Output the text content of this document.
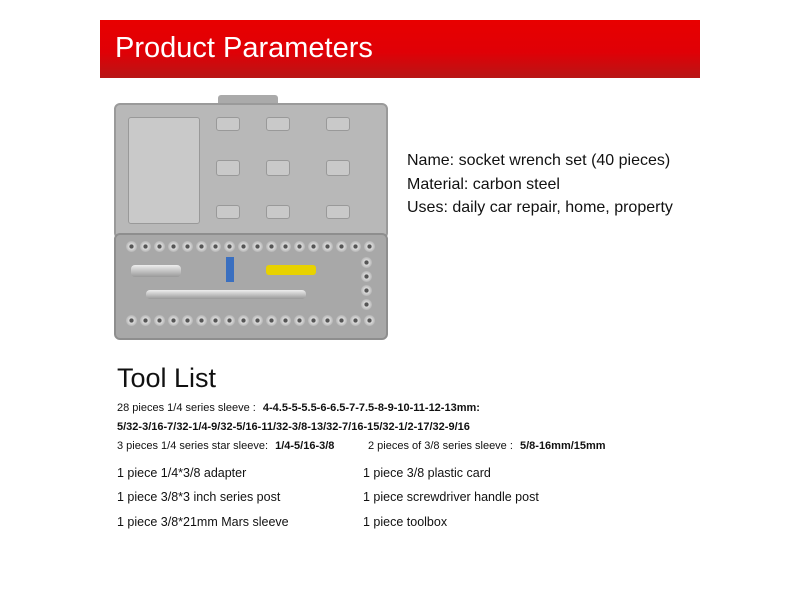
Product Parameters
Name: socket wrench set (40 pieces)
Material: carbon steel
Uses: daily car repair, home, property
Tool List
28 pieces 1/4 series sleeve : 4-4.5-5-5.5-6-6.5-7-7.5-8-9-10-11-12-13mm:
5/32-3/16-7/32-1/4-9/32-5/16-11/32-3/8-13/32-7/16-15/32-1/2-17/32-9/16
3 pieces 1/4 series star sleeve: 1/4-5/16-3/8	2 pieces of 3/8 series sleeve : 5/8-16mm/15mm
1 piece 1/4*3/8 adapter	1 piece 3/8 plastic card
1 piece 3/8*3 inch series post	1 piece screwdriver handle post
1 piece 3/8*21mm Mars sleeve	1 piece toolbox
